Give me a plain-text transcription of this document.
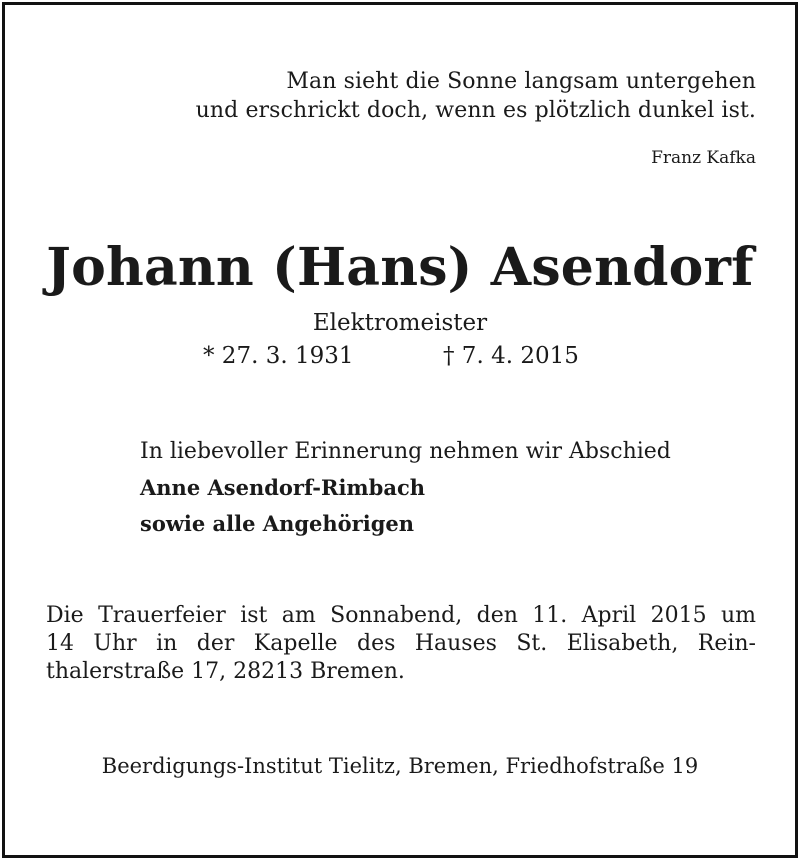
Man sieht die Sonne langsam untergehen
und erschrickt doch, wenn es plötzlich dunkel ist.
Franz Kafka
Johann (Hans) Asendorf
Elektromeister
* 27. 3. 1931	† 7. 4. 2015
In liebevoller Erinnerung nehmen wir Abschied
Anne Asendorf-Rimbach
sowie alle Angehörigen
Die Trauerfeier ist am Sonnabend, den 11. April 2015 um
14 Uhr in der Kapelle des Hauses St. Elisabeth, Rein-
thalerstraße 17, 28213 Bremen.
Beerdigungs-Institut Tielitz, Bremen, Friedhofstraße 19
